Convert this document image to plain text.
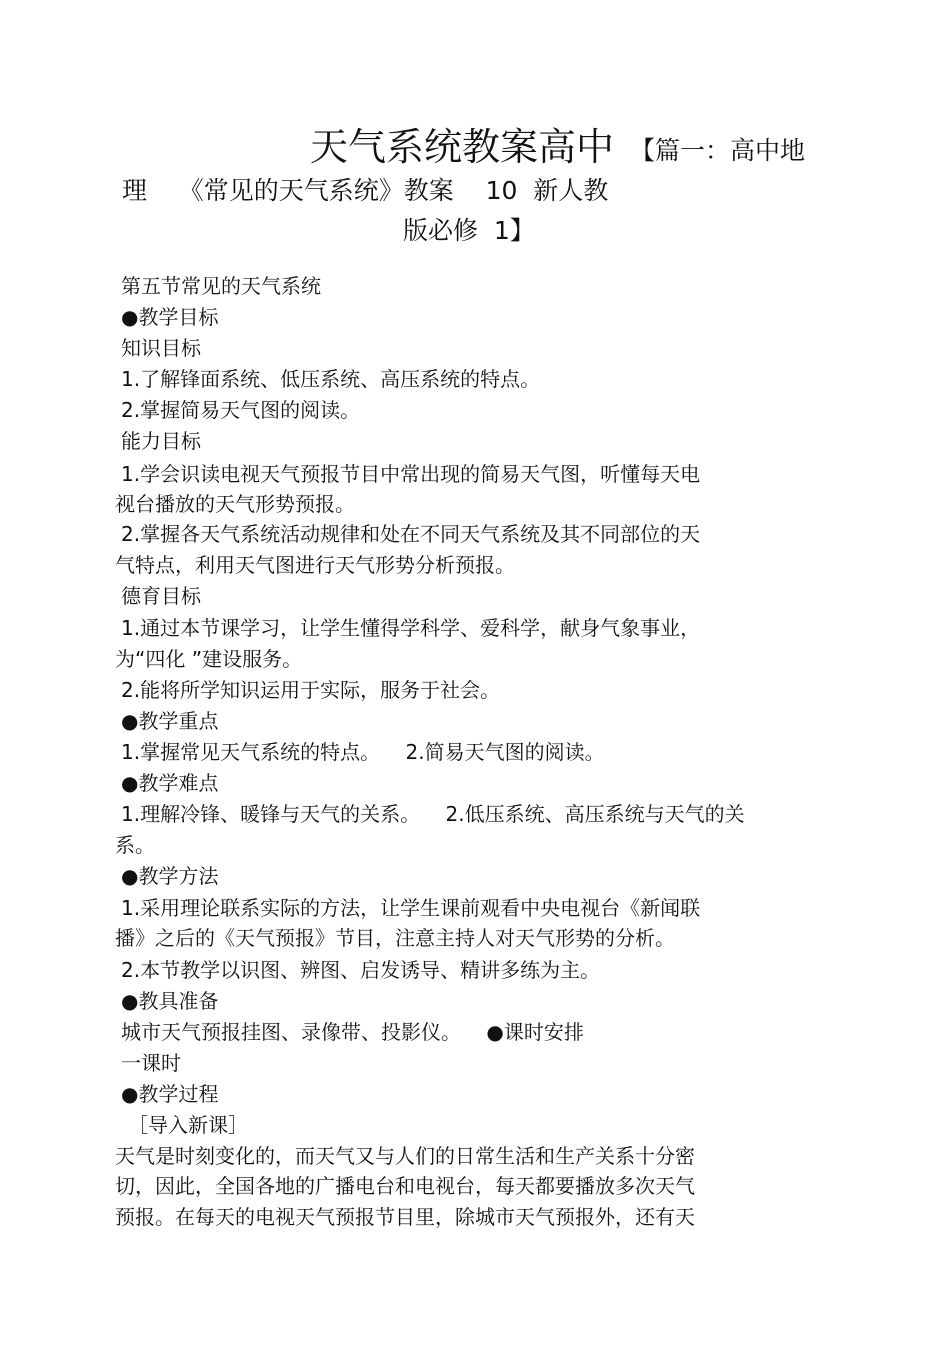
天气系统教案高中 【篇一：高中地
理    《常见的天气系统》教案    10  新人教
版必修  1】
第五节常见的天气系统
●教学目标
知识目标
1.了解锋面系统、低压系统、高压系统的特点。
2.掌握简易天气图的阅读。
能力目标
1.学会识读电视天气预报节目中常出现的简易天气图，听懂每天电
视台播放的天气形势预报。
2.掌握各天气系统活动规律和处在不同天气系统及其不同部位的天
气特点，利用天气图进行天气形势分析预报。
德育目标
1.通过本节课学习，让学生懂得学科学、爱科学，献身气象事业，
为“四化 ”建设服务。
2.能将所学知识运用于实际，服务于社会。
●教学重点
1.掌握常见天气系统的特点。    2.简易天气图的阅读。
●教学难点
1.理解冷锋、暖锋与天气的关系。    2.低压系统、高压系统与天气的关
系。
●教学方法
1.采用理论联系实际的方法，让学生课前观看中央电视台《新闻联
播》之后的《天气预报》节目，注意主持人对天气形势的分析。
2.本节教学以识图、辨图、启发诱导、精讲多练为主。
●教具准备
城市天气预报挂图、录像带、投影仪。    ●课时安排
一课时
●教学过程
［导入新课］
天气是时刻变化的，而天气又与人们的日常生活和生产关系十分密
切，因此，全国各地的广播电台和电视台，每天都要播放多次天气
预报。在每天的电视天气预报节目里，除城市天气预报外，还有天
